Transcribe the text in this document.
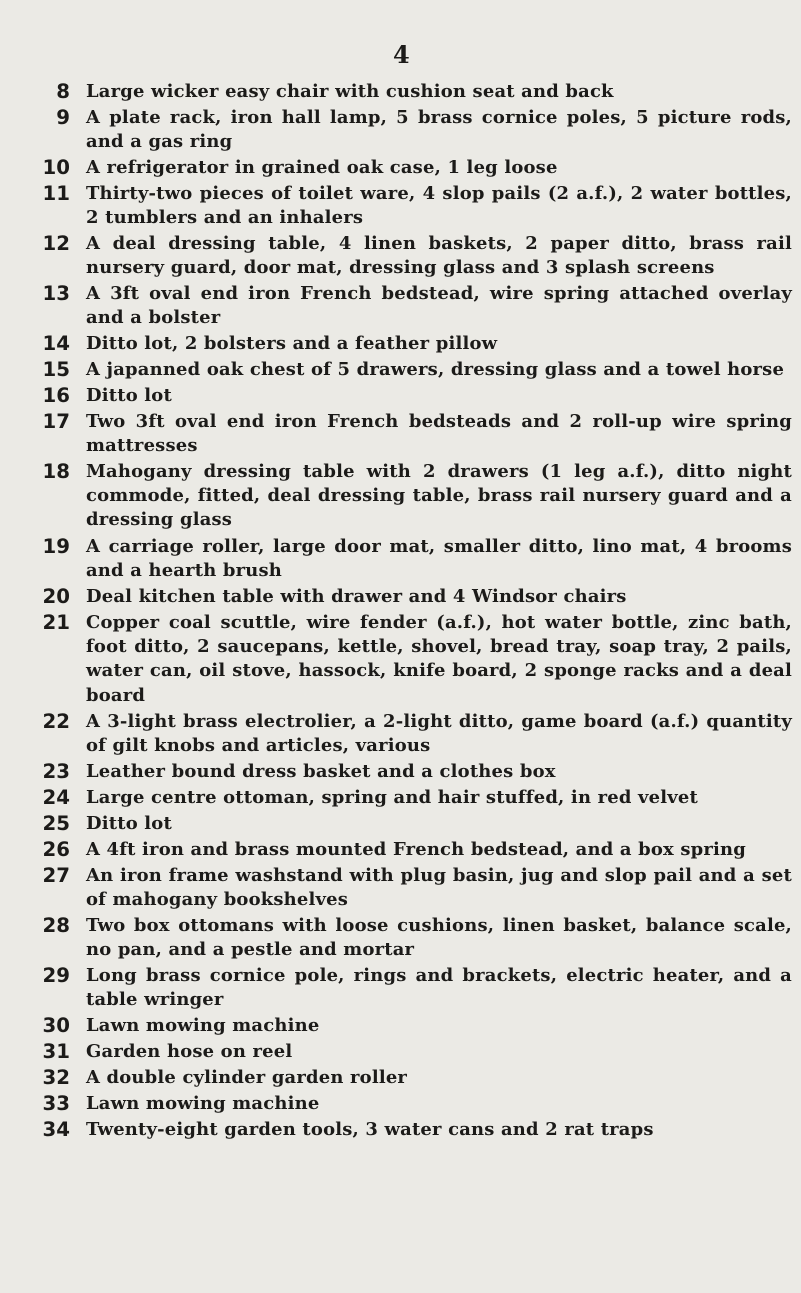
4
8 Large wicker easy chair with cushion seat and back
9 A plate rack, iron hall lamp, 5 brass cornice poles, 5 picture rods, and a gas ring
10 A refrigerator in grained oak case, 1 leg loose
11 Thirty-two pieces of toilet ware, 4 slop pails (2 a.f.), 2 water bottles, 2 tumblers and an inhalers
12 A deal dressing table, 4 linen baskets, 2 paper ditto, brass rail nursery guard, door mat, dressing glass and 3 splash screens
13 A 3ft oval end iron French bedstead, wire spring attached overlay and a bolster
14 Ditto lot, 2 bolsters and a feather pillow
15 A japanned oak chest of 5 drawers, dressing glass and a towel horse
16 Ditto lot
17 Two 3ft oval end iron French bedsteads and 2 roll-up wire spring mattresses
18 Mahogany dressing table with 2 drawers (1 leg a.f.), ditto night commode, fitted, deal dressing table, brass rail nursery guard and a dressing glass
19 A carriage roller, large door mat, smaller ditto, lino mat, 4 brooms and a hearth brush
20 Deal kitchen table with drawer and 4 Windsor chairs
21 Copper coal scuttle, wire fender (a.f.), hot water bottle, zinc bath, foot ditto, 2 saucepans, kettle, shovel, bread tray, soap tray, 2 pails, water can, oil stove, hassock, knife board, 2 sponge racks and a deal board
22 A 3-light brass electrolier, a 2-light ditto, game board (a.f.) quantity of gilt knobs and articles, various
23 Leather bound dress basket and a clothes box
24 Large centre ottoman, spring and hair stuffed, in red velvet
25 Ditto lot
26 A 4ft iron and brass mounted French bedstead, and a box spring
27 An iron frame washstand with plug basin, jug and slop pail and a set of mahogany bookshelves
28 Two box ottomans with loose cushions, linen basket, balance scale, no pan, and a pestle and mortar
29 Long brass cornice pole, rings and brackets, electric heater, and a table wringer
30 Lawn mowing machine
31 Garden hose on reel
32 A double cylinder garden roller
33 Lawn mowing machine
34 Twenty-eight garden tools, 3 water cans and 2 rat traps
